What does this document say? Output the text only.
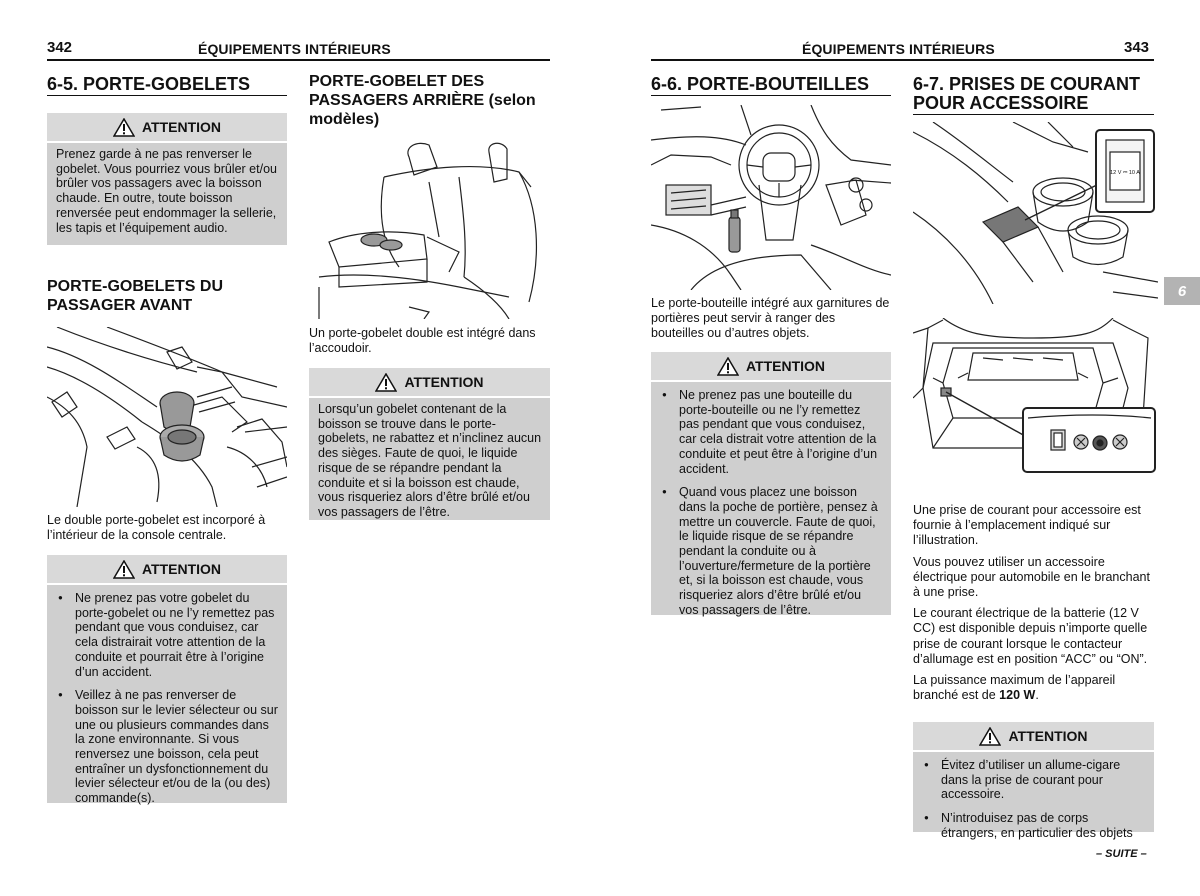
342	ÉQUIPEMENTS INTÉRIEURS
6-5. PORTE-GOBELETS
ATTENTION
Prenez garde à ne pas renverser le gobelet. Vous pourriez vous brûler et/ou brûler vos passagers avec la boisson chaude. En outre, toute boisson renversée peut endommager la sellerie, les tapis et l’équipement audio.
PORTE-GOBELETS DU PASSAGER AVANT
Le double porte-gobelet est incorporé à l’intérieur de la console centrale.
ATTENTION
● Ne prenez pas votre gobelet du porte-gobelet ou ne l’y remettez pas pendant que vous conduisez, car cela distrairait votre attention de la conduite et pourrait être à l’origine d’un accident.
● Veillez à ne pas renverser de boisson sur le levier sélecteur ou sur une ou plusieurs commandes dans la zone environnante. Si vous renversez une boisson, cela peut entraîner un dysfonctionnement du levier sélecteur et/ou de la (ou des) commande(s).
PORTE-GOBELET DES PASSAGERS ARRIÈRE (selon modèles)
Un porte-gobelet double est intégré dans l’accoudoir.
ATTENTION
Lorsqu’un gobelet contenant de la boisson se trouve dans le porte-gobelets, ne rabattez et n’inclinez aucun des sièges. Faute de quoi, le liquide risque de se répandre pendant la conduite et si la boisson est chaude, vous risqueriez alors d’être brûlé et/ou vos passagers de l’être.
ÉQUIPEMENTS INTÉRIEURS	343
6-6. PORTE-BOUTEILLES
Le porte-bouteille intégré aux garnitures de portières peut servir à ranger des bouteilles ou d’autres objets.
ATTENTION
● Ne prenez pas une bouteille du porte-bouteille ou ne l’y remettez pas pendant que vous conduisez, car cela distrait votre attention de la conduite et peut être à l’origine d’un accident.
● Quand vous placez une boisson dans la poche de portière, pensez à mettre un couvercle. Faute de quoi, le liquide risque de se répandre pendant la conduite ou à l’ouverture/fermeture de la portière et, si la boisson est chaude, vous risqueriez alors d’être brûlé et/ou vos passagers de l’être.
6-7. PRISES DE COURANT
POUR ACCESSOIRE
12 V ⎓ 10 A

Une prise de courant pour accessoire est fournie à l’emplacement indiqué sur l’illustration.

Vous pouvez utiliser un accessoire électrique pour automobile en le branchant à une prise.

Le courant électrique de la batterie (12 V CC) est disponible depuis n’importe quelle prise de courant lorsque le contacteur d’allumage est en position “ACC” ou “ON”.

La puissance maximum de l’appareil branché est de 120 W.

ATTENTION
● Évitez d’utiliser un allume-cigare dans la prise de courant pour accessoire.
● N’introduisez pas de corps étrangers, en particulier des objets
6
– SUITE –
